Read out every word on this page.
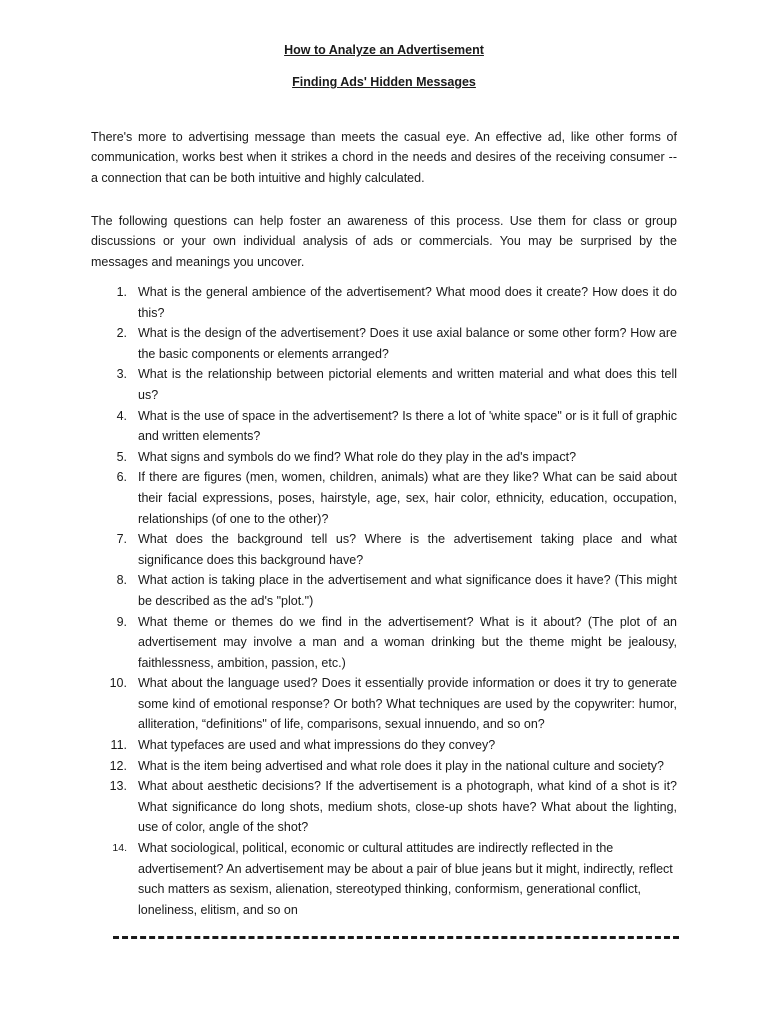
How to Analyze an Advertisement
Finding Ads' Hidden Messages

There's more to advertising message than meets the casual eye. An effective ad, like other forms of communication, works best when it strikes a chord in the needs and desires of the receiving consumer -- a connection that can be both intuitive and highly calculated.

The following questions can help foster an awareness of this process. Use them for class or group discussions or your own individual analysis of ads or commercials. You may be surprised by the messages and meanings you uncover.

1. What is the general ambience of the advertisement? What mood does it create? How does it do this?
2. What is the design of the advertisement? Does it use axial balance or some other form? How are the basic components or elements arranged?
3. What is the relationship between pictorial elements and written material and what does this tell us?
4. What is the use of space in the advertisement? Is there a lot of 'white space" or is it full of graphic and written elements?
5. What signs and symbols do we find? What role do they play in the ad's impact?
6. If there are figures (men, women, children, animals) what are they like? What can be said about their facial expressions, poses, hairstyle, age, sex, hair color, ethnicity, education, occupation, relationships (of one to the other)?
7. What does the background tell us? Where is the advertisement taking place and what significance does this background have?
8. What action is taking place in the advertisement and what significance does it have? (This might be described as the ad's "plot.")
9. What theme or themes do we find in the advertisement? What is it about? (The plot of an advertisement may involve a man and a woman drinking but the theme might be jealousy, faithlessness, ambition, passion, etc.)
10. What about the language used? Does it essentially provide information or does it try to generate some kind of emotional response? Or both? What techniques are used by the copywriter: humor, alliteration, “definitions" of life, comparisons, sexual innuendo, and so on?
11. What typefaces are used and what impressions do they convey?
12. What is the item being advertised and what role does it play in the national culture and society?
13. What about aesthetic decisions? If the advertisement is a photograph, what kind of a shot is it? What significance do long shots, medium shots, close-up shots have? What about the lighting, use of color, angle of the shot?
14. What sociological, political, economic or cultural attitudes are indirectly reflected in the advertisement? An advertisement may be about a pair of blue jeans but it might, indirectly, reflect such matters as sexism, alienation, stereotyped thinking, conformism, generational conflict, loneliness, elitism, and so on
